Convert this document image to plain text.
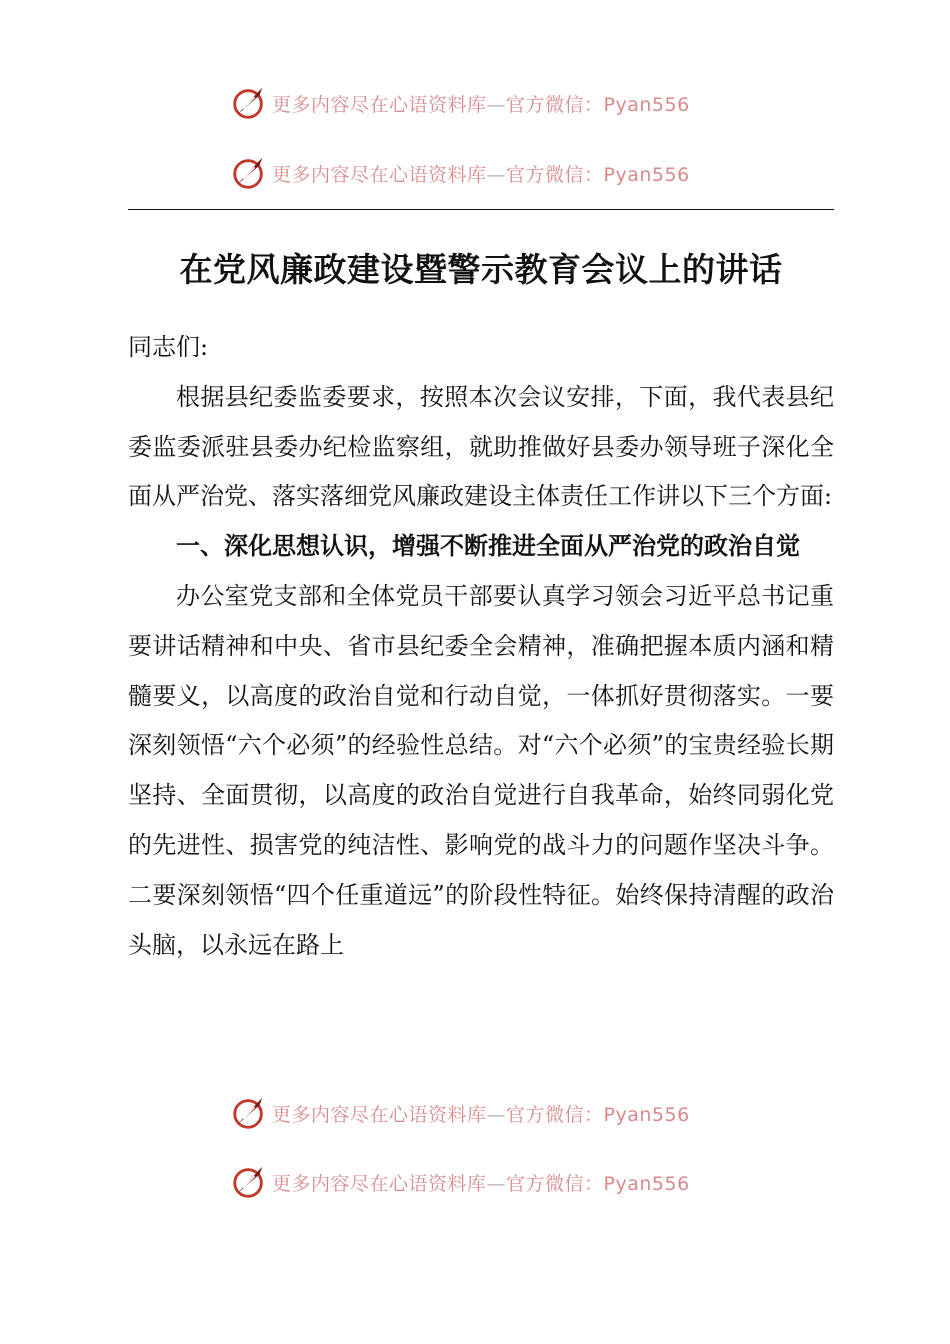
更多内容尽在心语资料库—官方微信：Pyan556
更多内容尽在心语资料库—官方微信：Pyan556
在党风廉政建设暨警示教育会议上的讲话

同志们:

根据县纪委监委要求，按照本次会议安排，下面，我代表县纪委监委派驻县委办纪检监察组，就助推做好县委办领导班子深化全面从严治党、落实落细党风廉政建设主体责任工作讲以下三个方面:

一、深化思想认识，增强不断推进全面从严治党的政治自觉

办公室党支部和全体党员干部要认真学习领会习近平总书记重要讲话精神和中央、省市县纪委全会精神，准确把握本质内涵和精髓要义，以高度的政治自觉和行动自觉，一体抓好贯彻落实。一要深刻领悟“六个必须”的经验性总结。对“六个必须”的宝贵经验长期坚持、全面贯彻，以高度的政治自觉进行自我革命，始终同弱化党的先进性、损害党的纯洁性、影响党的战斗力的问题作坚决斗争。二要深刻领悟“四个任重道远”的阶段性特征。始终保持清醒的政治头脑，以永远在路上

更多内容尽在心语资料库—官方微信：Pyan556
更多内容尽在心语资料库—官方微信：Pyan556
